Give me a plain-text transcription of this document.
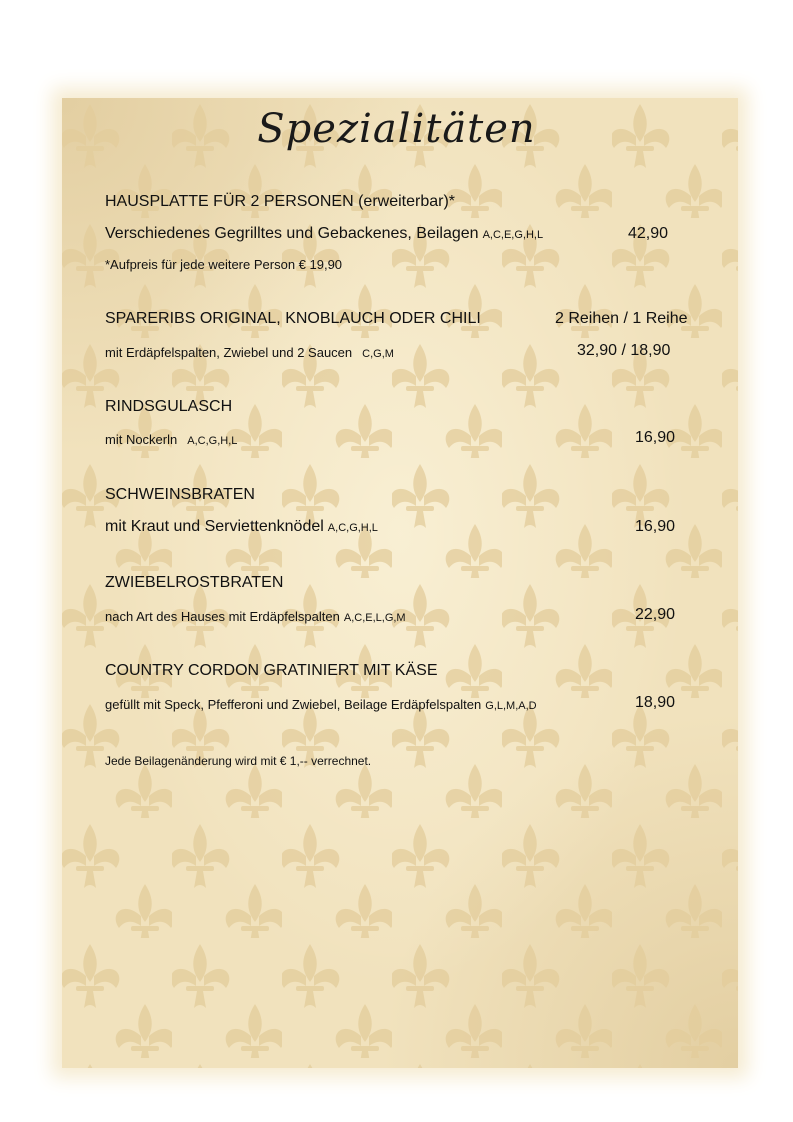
Spezialitäten
HAUSPLATTE FÜR 2 PERSONEN (erweiterbar)*
Verschiedenes Gegrilltes und Gebackenes, Beilagen A,C,E,G,H,L	42,90
*Aufpreis für jede weitere Person € 19,90
SPARERIBS ORIGINAL, KNOBLAUCH ODER CHILI	2 Reihen / 1 Reihe
mit Erdäpfelspalten, Zwiebel und 2 Saucen C,G,M	32,90 / 18,90
RINDSGULASCH
mit Nockerln A,C,G,H,L	16,90
SCHWEINSBRATEN
mit Kraut und Serviettenknödel A,C,G,H,L	16,90
ZWIEBELROSTBRATEN
nach Art des Hauses mit Erdäpfelspalten A,C,E,L,G,M	22,90
COUNTRY CORDON GRATINIERT MIT KÄSE
gefüllt mit Speck, Pfefferoni und Zwiebel, Beilage Erdäpfelspalten G,L,M,A,D	18,90
Jede Beilagenänderung wird mit € 1,-- verrechnet.
